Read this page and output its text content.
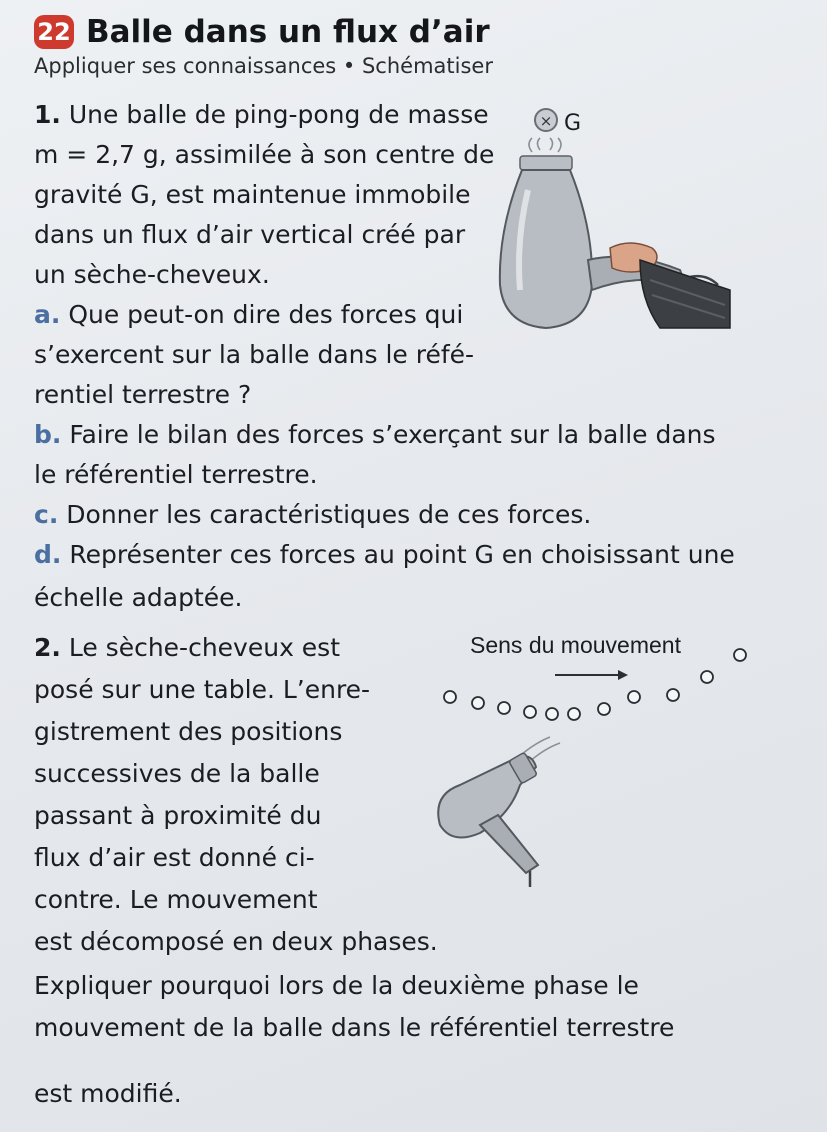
22 Balle dans un flux d’air
Appliquer ses connaissances • Schématiser
1. Une balle de ping-pong de masse
m = 2,7 g, assimilée à son centre de
gravité G, est maintenue immobile
dans un flux d’air vertical créé par
un sèche-cheveux.
a. Que peut-on dire des forces qui
s’exercent sur la balle dans le réfé-
rentiel terrestre ?
b. Faire le bilan des forces s’exerçant sur la balle dans
le référentiel terrestre.
c. Donner les caractéristiques de ces forces.
d. Représenter ces forces au point G en choisissant une
échelle adaptée.
2. Le sèche-cheveux est
posé sur une table. L’enre-
gistrement des positions
successives de la balle
passant à proximité du
flux d’air est donné ci-
contre. Le mouvement
est décomposé en deux phases.
Expliquer pourquoi lors de la deuxième phase le
mouvement de la balle dans le référentiel terrestre
est modifié.
× G
Sens du mouvement
